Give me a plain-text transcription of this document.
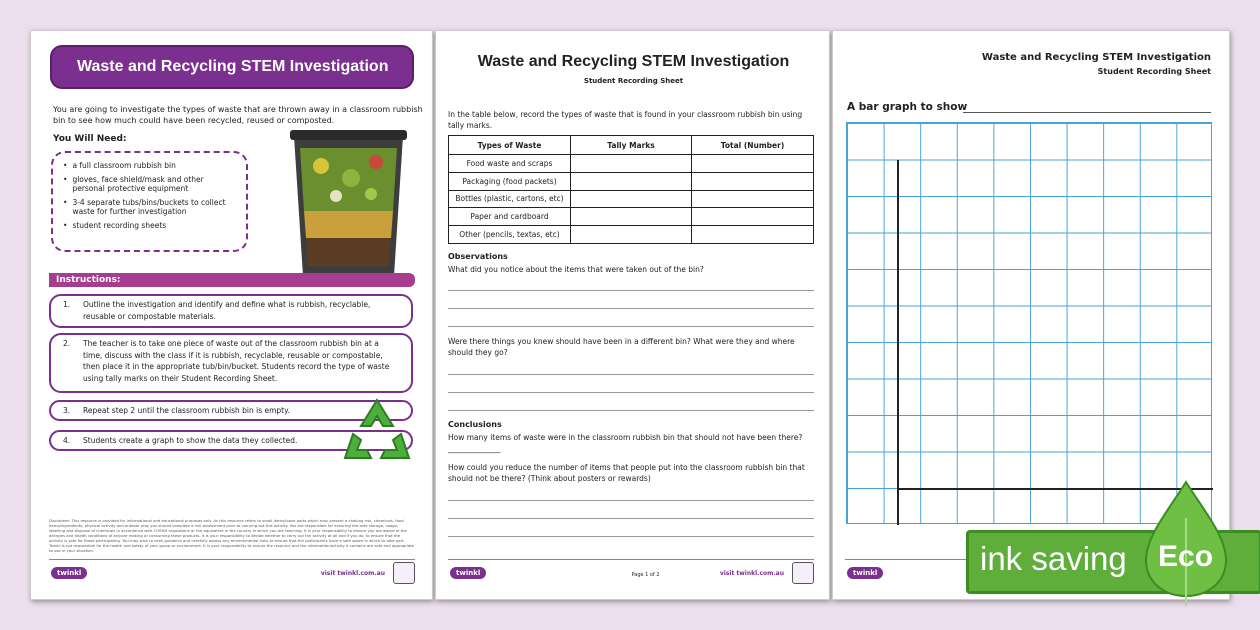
Waste and Recycling STEM Investigation
You are going to investigate the types of waste that are thrown away in a classroom rubbish bin to see how much could have been recycled, reused or composted.
You Will Need:
• a full classroom rubbish bin
• gloves, face shield/mask and other personal protective equipment
• 3-4 separate tubs/bins/buckets to collect waste for further investigation
• student recording sheets
Instructions:
1.	Outline the investigation and identify and define what is rubbish, recyclable, reusable or compostable materials.
2.	The teacher is to take one piece of waste out of the classroom rubbish bin at a time, discuss with the class if it is rubbish, recyclable, reusable or compostable, then place it in the appropriate tub/bin/bucket. Students record the type of waste using tally marks on their Student Recording Sheet.
3.	Repeat step 2 until the classroom rubbish bin is empty.
4.	Students create a graph to show the data they collected.
Disclaimer: This resource is provided for informational and educational purposes only. As this resource refers to small items/loose parts which may present a choking risk, chemicals, food items/ingredients, physical activity and outdoor play you should complete a risk assessment prior to carrying out this activity. You are responsible for ensuring the safe storage, usage, labelling and disposal of chemicals in accordance with COSHH regulations or the equivalent in the country in which you are teaching. It is your responsibility to ensure you are aware of the allergies and health conditions of anyone making or consuming these products. It is your responsibility to decide whether to carry out the activity at all and if you do, to ensure that the activity is safe for those participating. You may wish to seek guidance and carefully assess any environmental risks to ensure that the participants have a safe space in which to take part. Twinkl is not responsible for the health and safety of your group or environment. It is your responsibility to ensure the resource and the information/activity it contains are safe and appropriate to use in your situation.
twinkl	visit twinkl.com.au
Waste and Recycling STEM Investigation
Student Recording Sheet
In the table below, record the types of waste that is found in your classroom rubbish bin using tally marks.
Types of Waste	Tally Marks	Total (Number)
Food waste and scraps		
Packaging (food packets)		
Bottles (plastic, cartons, etc)		
Paper and cardboard		
Other (pencils, textas, etc)		
Observations
What did you notice about the items that were taken out of the bin?
Were there things you knew should have been in a different bin? What were they and where should they go?
Conclusions
How many items of waste were in the classroom rubbish bin that should not have been there? ______________
How could you reduce the number of items that people put into the classroom rubbish bin that should not be there? (Think about posters or rewards)
twinkl	Page 1 of 2	visit twinkl.com.au
Waste and Recycling STEM Investigation
Student Recording Sheet
A bar graph to show
twinkl	ink saving Eco
